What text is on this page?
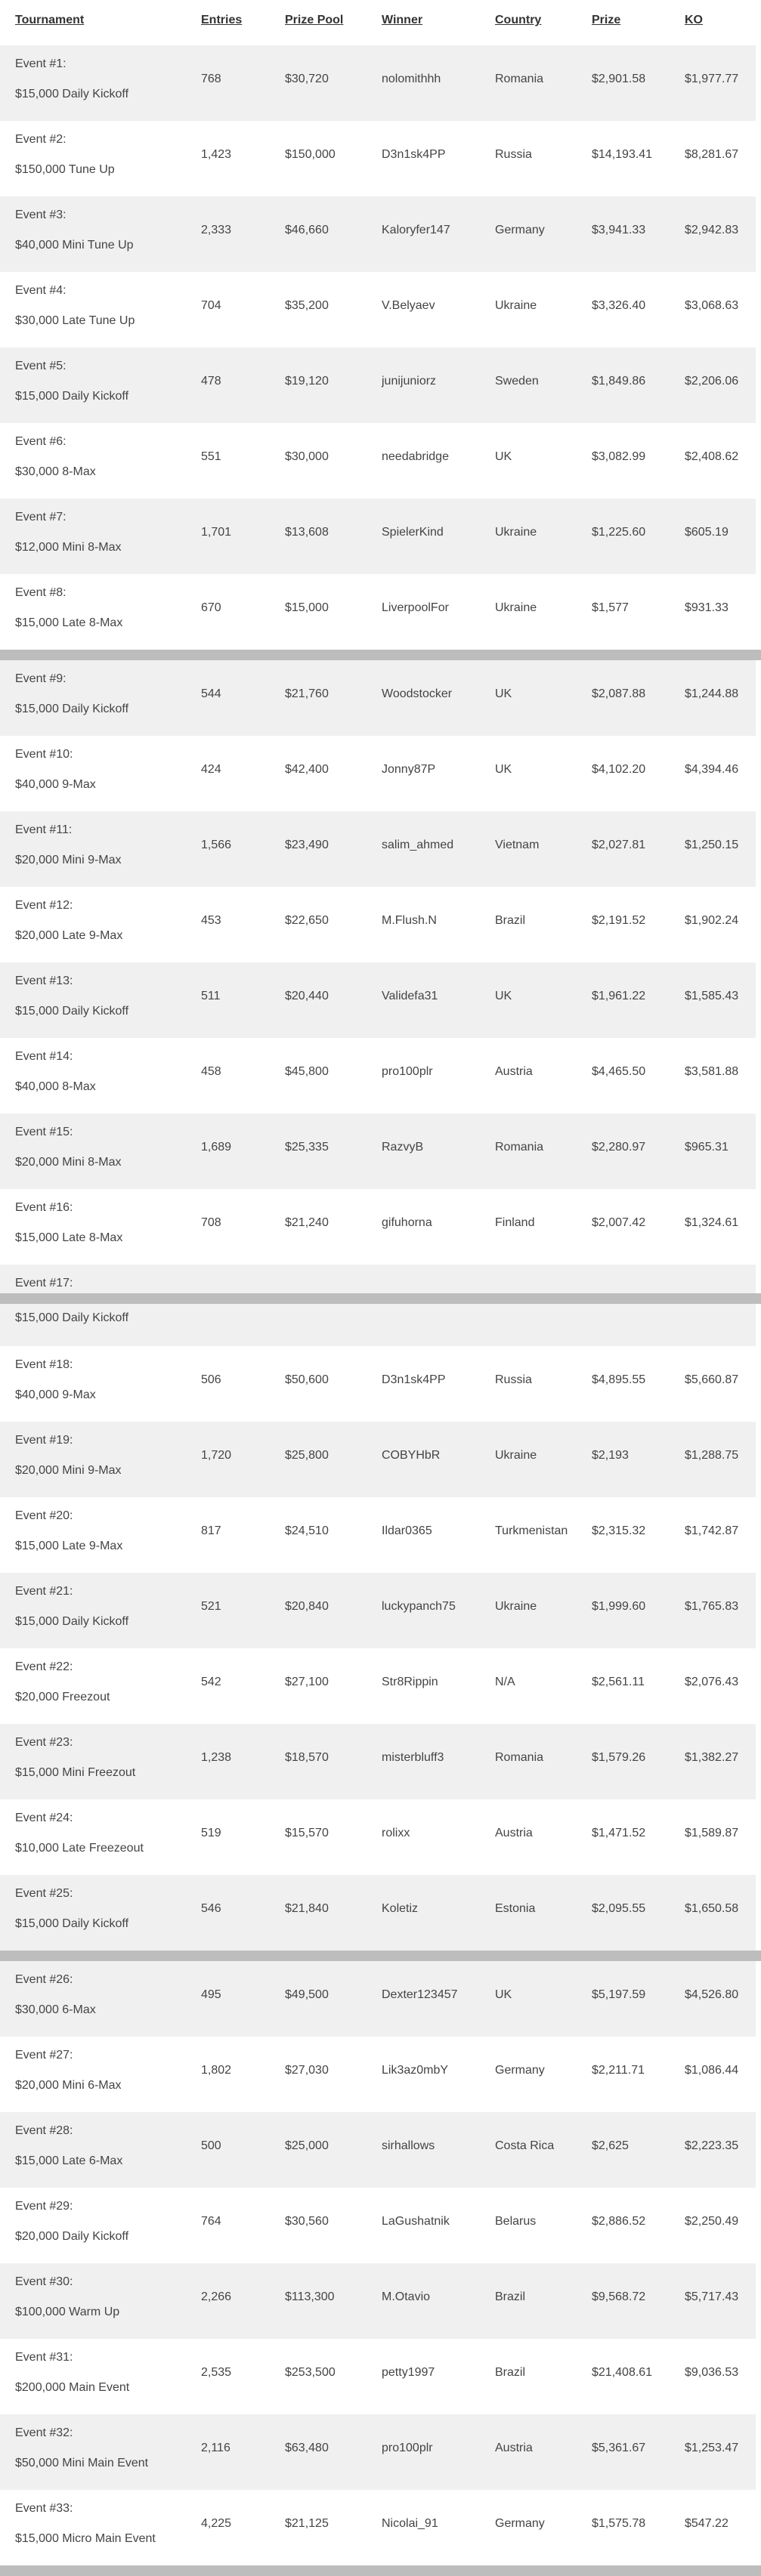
Tournament	Entries	Prize Pool	Winner	Country	Prize	KO
Event #1:
$15,000 Daily Kickoff
768	$30,720	nolomithhh	Romania	$2,901.58	$1,977.77
Event #2:
$150,000 Tune Up
1,423	$150,000	D3n1sk4PP	Russia	$14,193.41	$8,281.67
Event #3:
$40,000 Mini Tune Up
2,333	$46,660	Kaloryfer147	Germany	$3,941.33	$2,942.83
Event #4:
$30,000 Late Tune Up
704	$35,200	V.Belyaev	Ukraine	$3,326.40	$3,068.63
Event #5:
$15,000 Daily Kickoff
478	$19,120	junijuniorz	Sweden	$1,849.86	$2,206.06
Event #6:
$30,000 8-Max
551	$30,000	needabridge	UK	$3,082.99	$2,408.62
Event #7:
$12,000 Mini 8-Max
1,701	$13,608	SpielerKind	Ukraine	$1,225.60	$605.19
Event #8:
$15,000 Late 8-Max
670	$15,000	LiverpoolFor	Ukraine	$1,577	$931.33
Event #9:
$15,000 Daily Kickoff
544	$21,760	Woodstocker	UK	$2,087.88	$1,244.88
Event #10:
$40,000 9-Max
424	$42,400	Jonny87P	UK	$4,102.20	$4,394.46
Event #11:
$20,000 Mini 9-Max
1,566	$23,490	salim_ahmed	Vietnam	$2,027.81	$1,250.15
Event #12:
$20,000 Late 9-Max
453	$22,650	M.Flush.N	Brazil	$2,191.52	$1,902.24
Event #13:
$15,000 Daily Kickoff
511	$20,440	Validefa31	UK	$1,961.22	$1,585.43
Event #14:
$40,000 8-Max
458	$45,800	pro100plr	Austria	$4,465.50	$3,581.88
Event #15:
$20,000 Mini 8-Max
1,689	$25,335	RazvyB	Romania	$2,280.97	$965.31
Event #16:
$15,000 Late 8-Max
708	$21,240	gifuhorna	Finland	$2,007.42	$1,324.61
Event #17:
$15,000 Daily Kickoff
Event #18:
$40,000 9-Max
506	$50,600	D3n1sk4PP	Russia	$4,895.55	$5,660.87
Event #19:
$20,000 Mini 9-Max
1,720	$25,800	COBYHbR	Ukraine	$2,193	$1,288.75
Event #20:
$15,000 Late 9-Max
817	$24,510	Ildar0365	Turkmenistan $2,315.32	$1,742.87
Event #21:
$15,000 Daily Kickoff
521	$20,840	luckypanch75	Ukraine	$1,999.60	$1,765.83
Event #22:
$20,000 Freezout
542	$27,100	Str8Rippin	N/A	$2,561.11	$2,076.43
Event #23:
$15,000 Mini Freezout
1,238	$18,570	misterbluff3	Romania	$1,579.26	$1,382.27
Event #24:
$10,000 Late Freezeout
519	$15,570	rolixx	Austria	$1,471.52	$1,589.87
Event #25:
$15,000 Daily Kickoff
546	$21,840	Koletiz	Estonia	$2,095.55	$1,650.58
Event #26:
$30,000 6-Max
495	$49,500	Dexter123457	UK	$5,197.59	$4,526.80
Event #27:
$20,000 Mini 6-Max
1,802	$27,030	Lik3az0mbY	Germany	$2,211.71	$1,086.44
Event #28:
$15,000 Late 6-Max
500	$25,000	sirhallows	Costa Rica	$2,625	$2,223.35
Event #29:
$20,000 Daily Kickoff
764	$30,560	LaGushatnik	Belarus	$2,886.52	$2,250.49
Event #30:
$100,000 Warm Up
2,266	$113,300	M.Otavio	Brazil	$9,568.72	$5,717.43
Event #31:
$200,000 Main Event
2,535	$253,500	petty1997	Brazil	$21,408.61	$9,036.53
Event #32:
$50,000 Mini Main Event
2,116	$63,480	pro100plr	Austria	$5,361.67	$1,253.47
Event #33:
$15,000 Micro Main Event
4,225	$21,125	Nicolai_91	Germany	$1,575.78	$547.22
